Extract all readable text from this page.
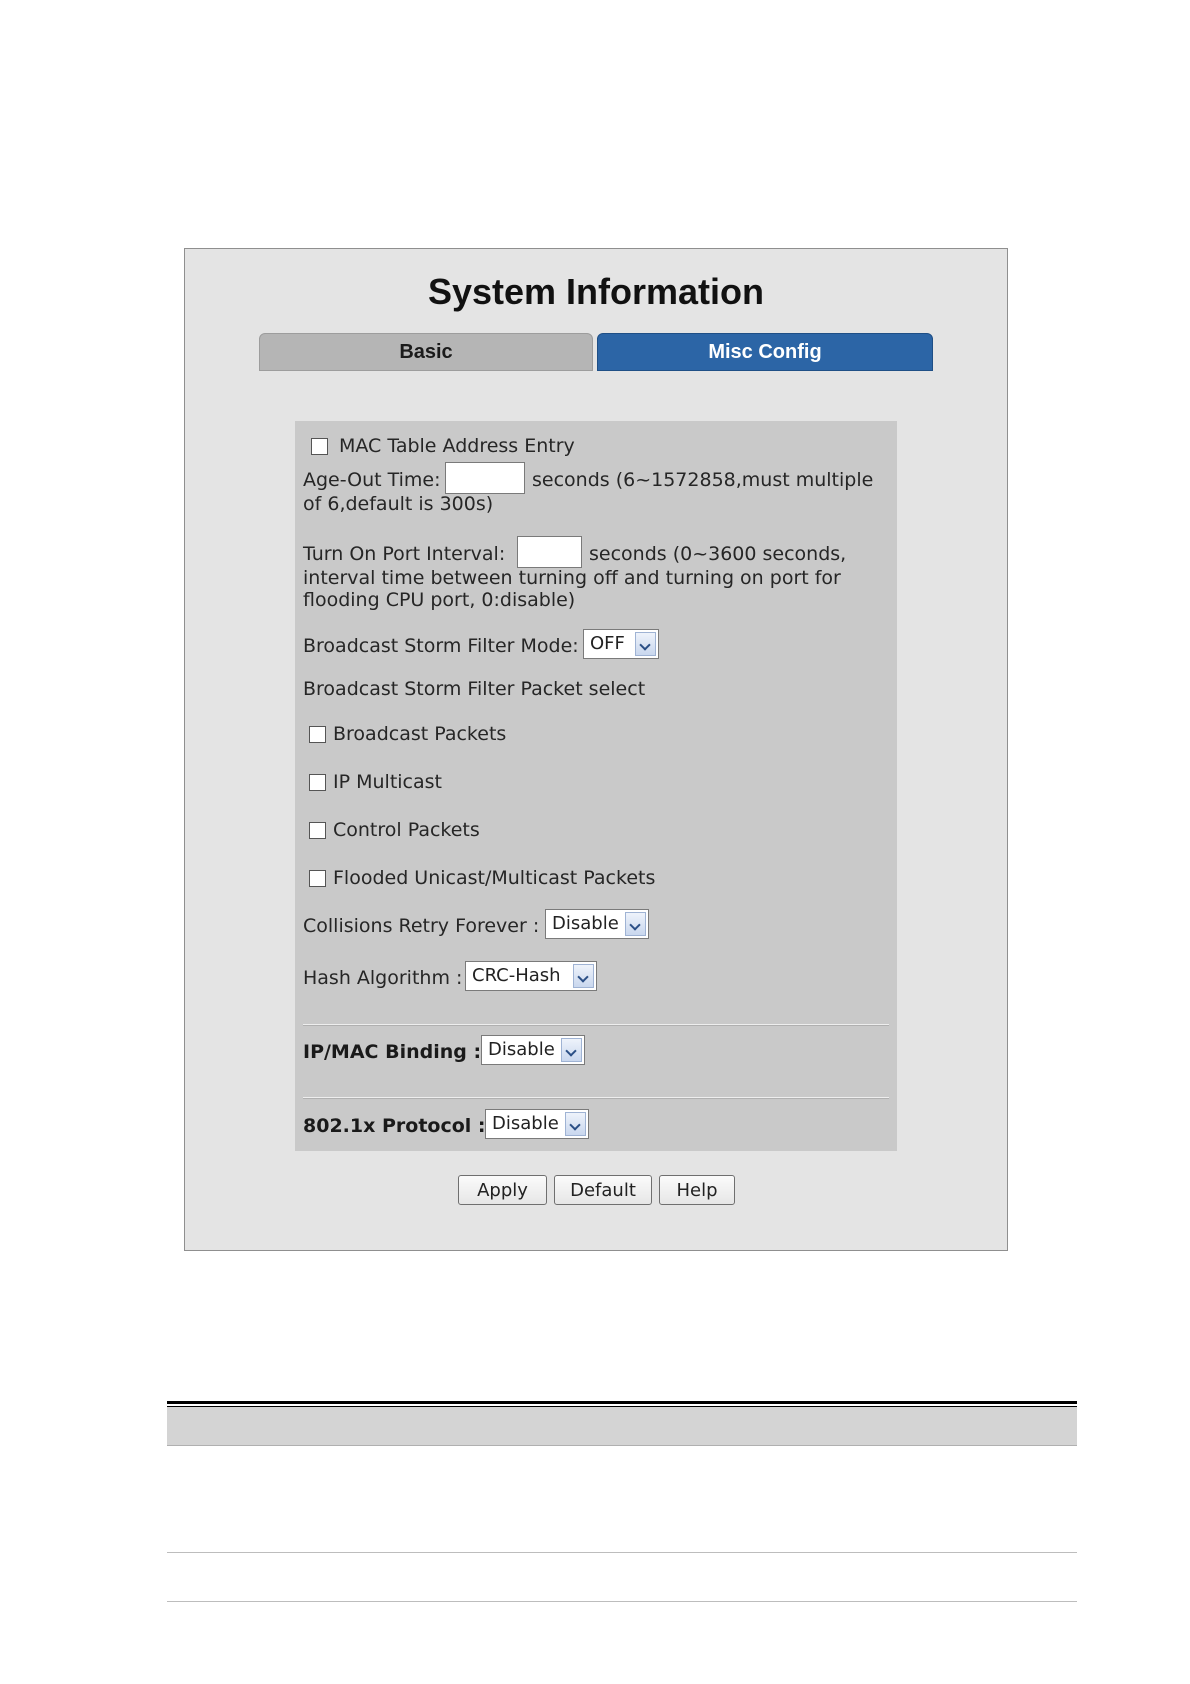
System Information
Basic	Misc Config
MAC Table Address Entry
Age-Out Time:	seconds (6~1572858,must multiple
of 6,default is 300s)
Turn On Port Interval:	seconds (0~3600 seconds,
interval time between turning off and turning on port for
flooding CPU port, 0:disable)
Broadcast Storm Filter Mode: OFF
Broadcast Storm Filter Packet select
Broadcast Packets
IP Multicast
Control Packets
Flooded Unicast/Multicast Packets
Collisions Retry Forever : Disable
Hash Algorithm : CRC-Hash
IP/MAC Binding : Disable
802.1x Protocol : Disable
Apply	Default	Help
